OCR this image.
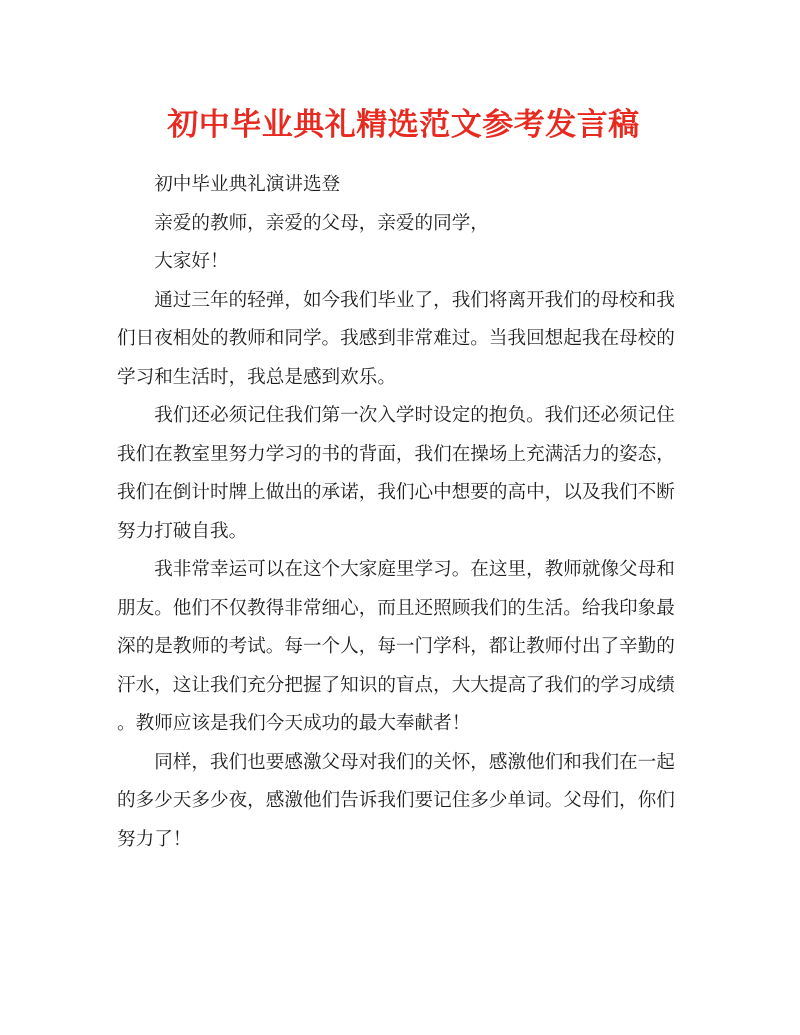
初中毕业典礼精选范文参考发言稿

初中毕业典礼演讲选登

亲爱的教师，亲爱的父母，亲爱的同学，

大家好！

通过三年的轻弹，如今我们毕业了，我们将离开我们的母校和我
们日夜相处的教师和同学。我感到非常难过。当我回想起我在母校的
学习和生活时，我总是感到欢乐。

我们还必须记住我们第一次入学时设定的抱负。我们还必须记住
我们在教室里努力学习的书的背面，我们在操场上充满活力的姿态，
我们在倒计时牌上做出的承诺，我们心中想要的高中，以及我们不断
努力打破自我。

我非常幸运可以在这个大家庭里学习。在这里，教师就像父母和
朋友。他们不仅教得非常细心，而且还照顾我们的生活。给我印象最
深的是教师的考试。每一个人，每一门学科，都让教师付出了辛勤的
汗水，这让我们充分把握了知识的盲点，大大提高了我们的学习成绩
。教师应该是我们今天成功的最大奉献者！

同样，我们也要感激父母对我们的关怀，感激他们和我们在一起
的多少天多少夜，感激他们告诉我们要记住多少单词。父母们，你们
努力了！
